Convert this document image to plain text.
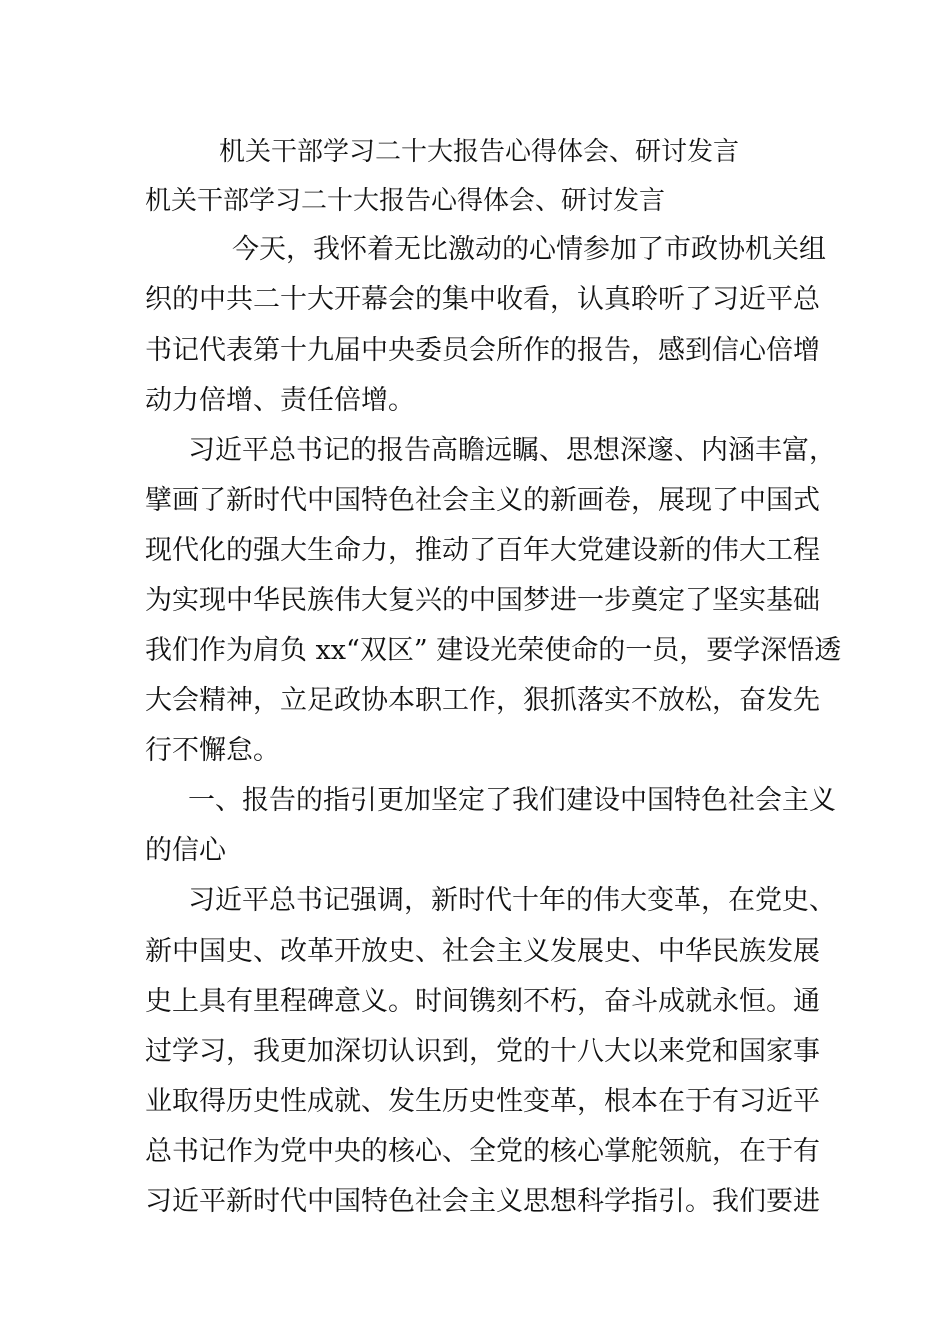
机关干部学习二十大报告心得体会、研讨发言
机关干部学习二十大报告心得体会、研讨发言
今天，我怀着无比激动的心情参加了市政协机关组
织的中共二十大开幕会的集中收看，认真聆听了习近平总
书记代表第十九届中央委员会所作的报告，感到信心倍增
动力倍增、责任倍增。
习近平总书记的报告高瞻远瞩、思想深邃、内涵丰富，
擘画了新时代中国特色社会主义的新画卷，展现了中国式
现代化的强大生命力，推动了百年大党建设新的伟大工程
为实现中华民族伟大复兴的中国梦进一步奠定了坚实基础
我们作为肩负 xx“双区” 建设光荣使命的一员，要学深悟透
大会精神，立足政协本职工作，狠抓落实不放松，奋发先
行不懈怠。
一、报告的指引更加坚定了我们建设中国特色社会主义
的信心
习近平总书记强调，新时代十年的伟大变革，在党史、
新中国史、改革开放史、社会主义发展史、中华民族发展
史上具有里程碑意义。时间镌刻不朽，奋斗成就永恒。通
过学习，我更加深切认识到，党的十八大以来党和国家事
业取得历史性成就、发生历史性变革，根本在于有习近平
总书记作为党中央的核心、全党的核心掌舵领航，在于有
习近平新时代中国特色社会主义思想科学指引。我们要进
